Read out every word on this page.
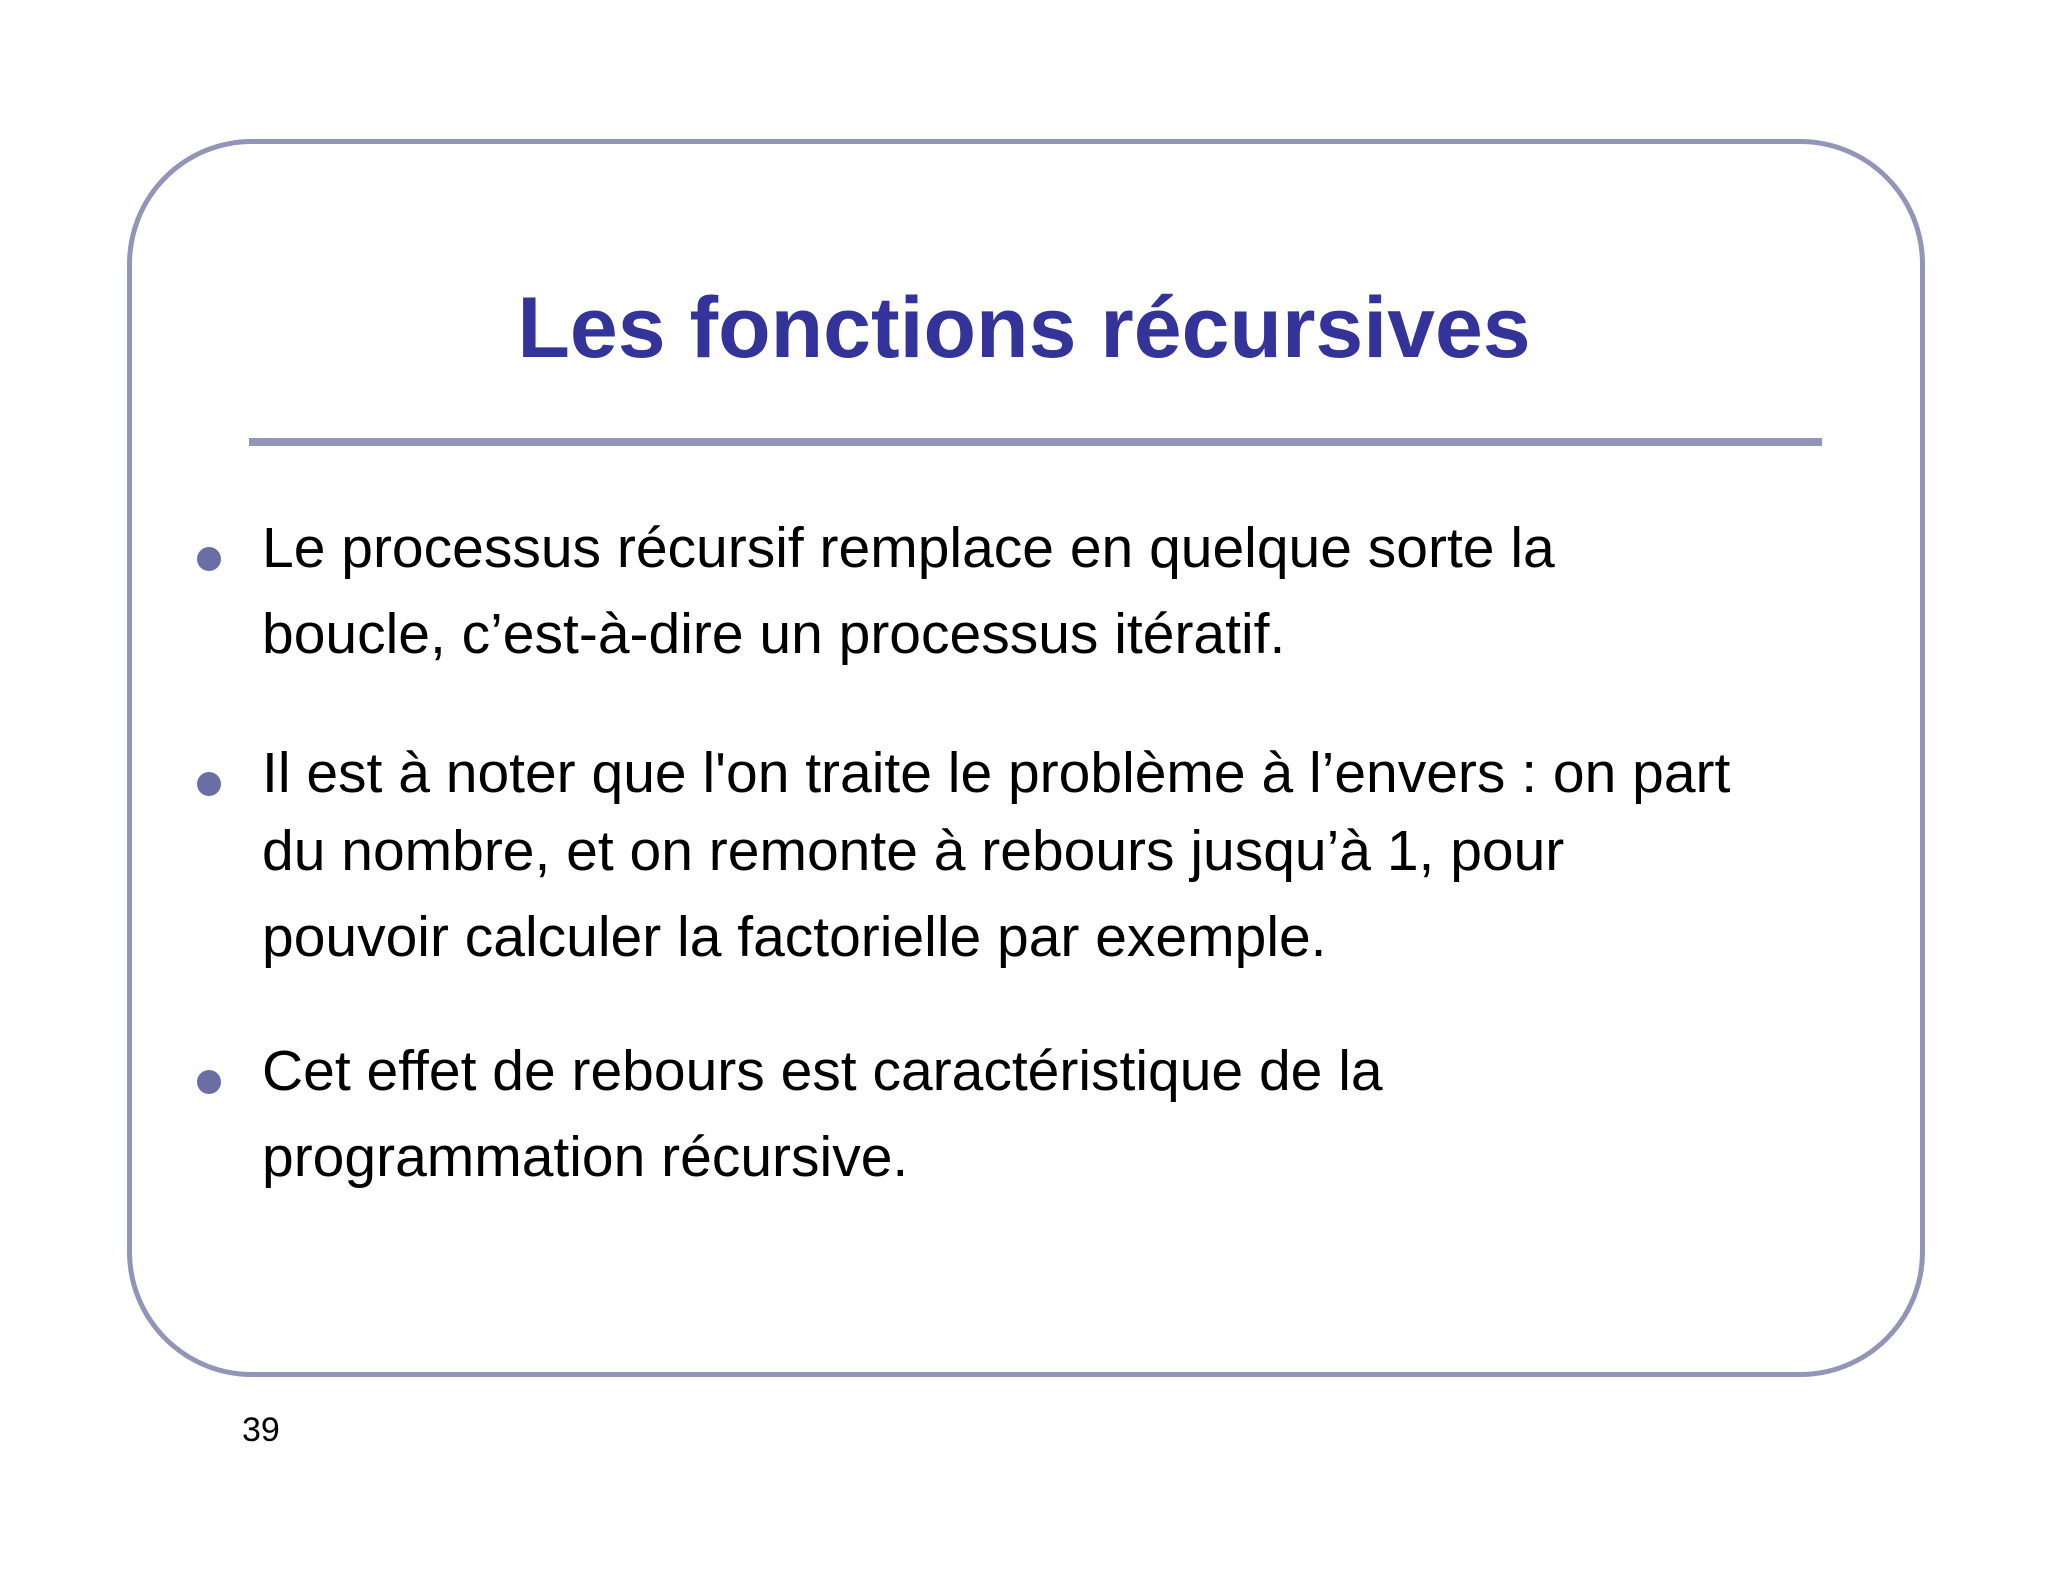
Les fonctions récursives
Le processus récursif remplace en quelque sorte la
boucle, c’est-à-dire un processus itératif.
Il est à noter que l'on traite le problème à l’envers : on part
du nombre, et on remonte à rebours jusqu’à 1, pour
pouvoir calculer la factorielle par exemple.
Cet effet de rebours est caractéristique de la
programmation récursive.
39
